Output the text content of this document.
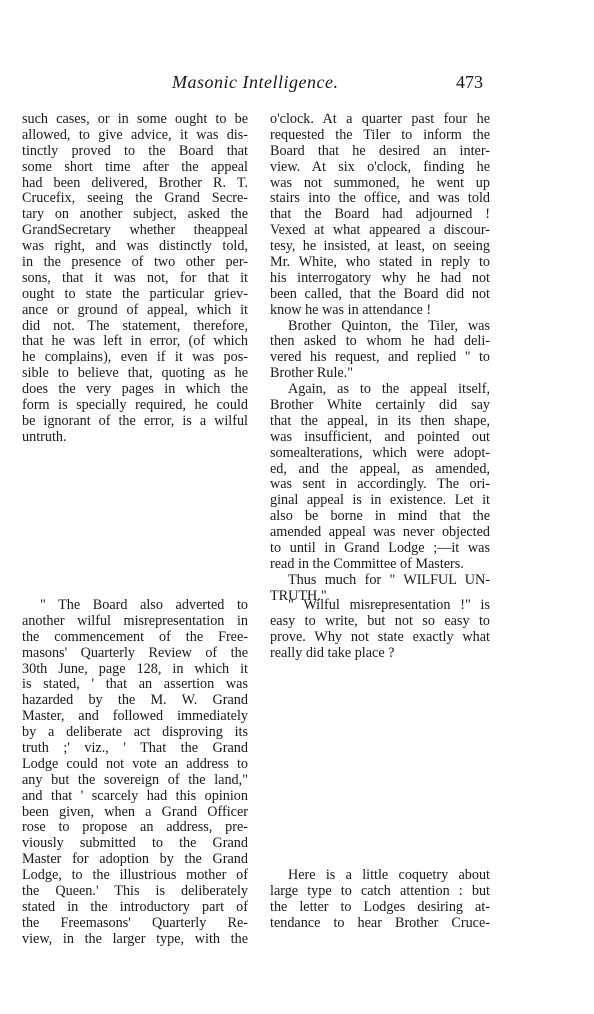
Masonic Intelligence.	473
such cases, or in some ought to be
allowed, to give advice, it was dis-
tinctly proved to the Board that
some short time after the appeal
had been delivered, Brother R. T.
Crucefix, seeing the Grand Secre-
tary on another subject, asked the
GrandSecretary whether theappeal
was right, and was distinctly told,
in the presence of two other per-
sons, that it was not, for that it
ought to state the particular griev-
ance or ground of appeal, which it
did not. The statement, therefore,
that he was left in error, (of which
he complains), even if it was pos-
sible to believe that, quoting as he
does the very pages in which the
form is specially required, he could
be ignorant of the error, is a wilful
untruth.
o'clock. At a quarter past four he
requested the Tiler to inform the
Board that he desired an inter-
view. At six o'clock, finding he
was not summoned, he went up
stairs into the office, and was told
that the Board had adjourned !
Vexed at what appeared a discour-
tesy, he insisted, at least, on seeing
Mr. White, who stated in reply to
his interrogatory why he had not
been called, that the Board did not
know he was in attendance !
Brother Quinton, the Tiler, was
then asked to whom he had deli-
vered his request, and replied " to
Brother Rule."
Again, as to the appeal itself,
Brother White certainly did say
that the appeal, in its then shape,
was insufficient, and pointed out
somealterations, which were adopt-
ed, and the appeal, as amended,
was sent in accordingly. The ori-
ginal appeal is in existence. Let it
also be borne in mind that the
amended appeal was never objected
to until in Grand Lodge ;—it was
read in the Committee of Masters.
Thus much for " WILFUL UN-
TRUTH."
" The Board also adverted to
another wilful misrepresentation in
the commencement of the Free-
masons' Quarterly Review of the
30th June, page 128, in which it
is stated, ' that an assertion was
hazarded by the M. W. Grand
Master, and followed immediately
by a deliberate act disproving its
truth ;' viz., ' That the Grand
Lodge could not vote an address to
any but the sovereign of the land,"
and that ' scarcely had this opinion
been given, when a Grand Officer
rose to propose an address, pre-
viously submitted to the Grand
Master for adoption by the Grand
Lodge, to the illustrious mother of
the Queen.' This is deliberately
stated in the introductory part of
the Freemasons' Quarterly Re-
view, in the larger type, with the
" Wilful misrepresentation !" is
easy to write, but not so easy to
prove. Why not state exactly what
really did take place ?
Here is a little coquetry about
large type to catch attention : but
the letter to Lodges desiring at-
tendance to hear Brother Cruce-
